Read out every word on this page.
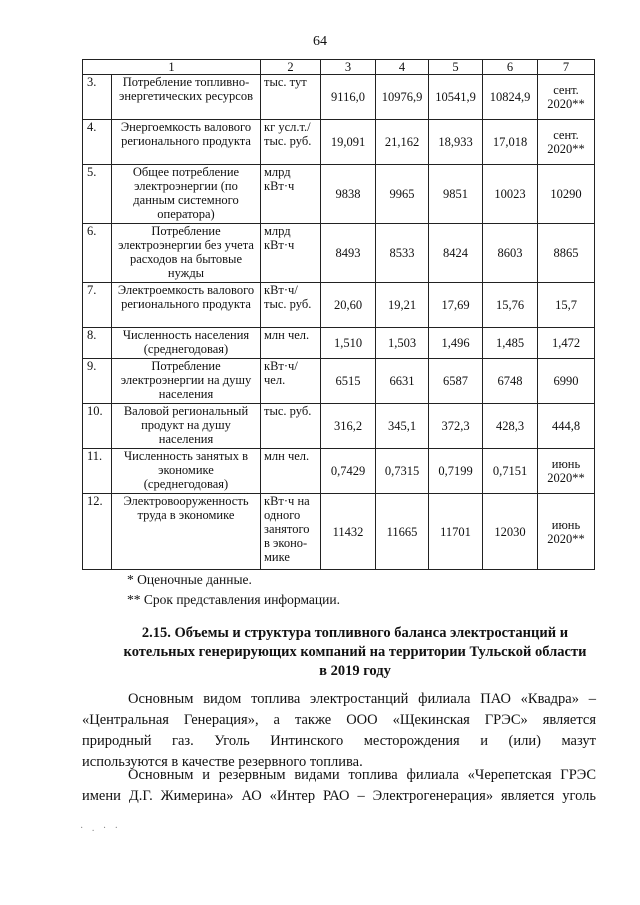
64
1		2	3	4	5	6	7
3.	Потребление топливно-энергетических ресурсов	тыс. тут	9116,0	10976,9	10541,9	10824,9	сент. 2020**
4.	Энергоемкость валового регионального продукта	кг усл.т./ тыс. руб.	19,091	21,162	18,933	17,018	сент. 2020**
5.	Общее потребление электроэнергии (по данным системного оператора)	млрд кВт·ч	9838	9965	9851	10023	10290
6.	Потребление электроэнергии без учета расходов на бытовые нужды	млрд кВт·ч	8493	8533	8424	8603	8865
7.	Электроемкость валового регионального продукта	кВт·ч/ тыс. руб.	20,60	19,21	17,69	15,76	15,7
8.	Численность населения (среднегодовая)	млн чел.	1,510	1,503	1,496	1,485	1,472
9.	Потребление электроэнергии на душу населения	кВт·ч/ чел.	6515	6631	6587	6748	6990
10.	Валовой региональный продукт на душу населения	тыс. руб.	316,2	345,1	372,3	428,3	444,8
11.	Численность занятых в экономике (среднегодовая)	млн чел.	0,7429	0,7315	0,7199	0,7151	июнь 2020**
12.	Электровооруженность труда в экономике	кВт·ч на одного занятого в эконо-мике	11432	11665	11701	12030	июнь 2020**
* Оценочные данные.
** Срок представления информации.
2.15. Объемы и структура топливного баланса электростанций и
котельных генерирующих компаний на территории Тульской области
в 2019 году
Основным видом топлива электростанций филиала ПАО «Квадра» –
«Центральная Генерация», а также ООО «Щекинская ГРЭС» является
природный газ. Уголь Интинского месторождения и (или) мазут
используются в качестве резервного топлива.
Основным и резервным видами топлива филиала «Черепетская ГРЭС
имени Д.Г. Жимерина» АО «Интер РАО – Электрогенерация» является уголь
· . · ·
